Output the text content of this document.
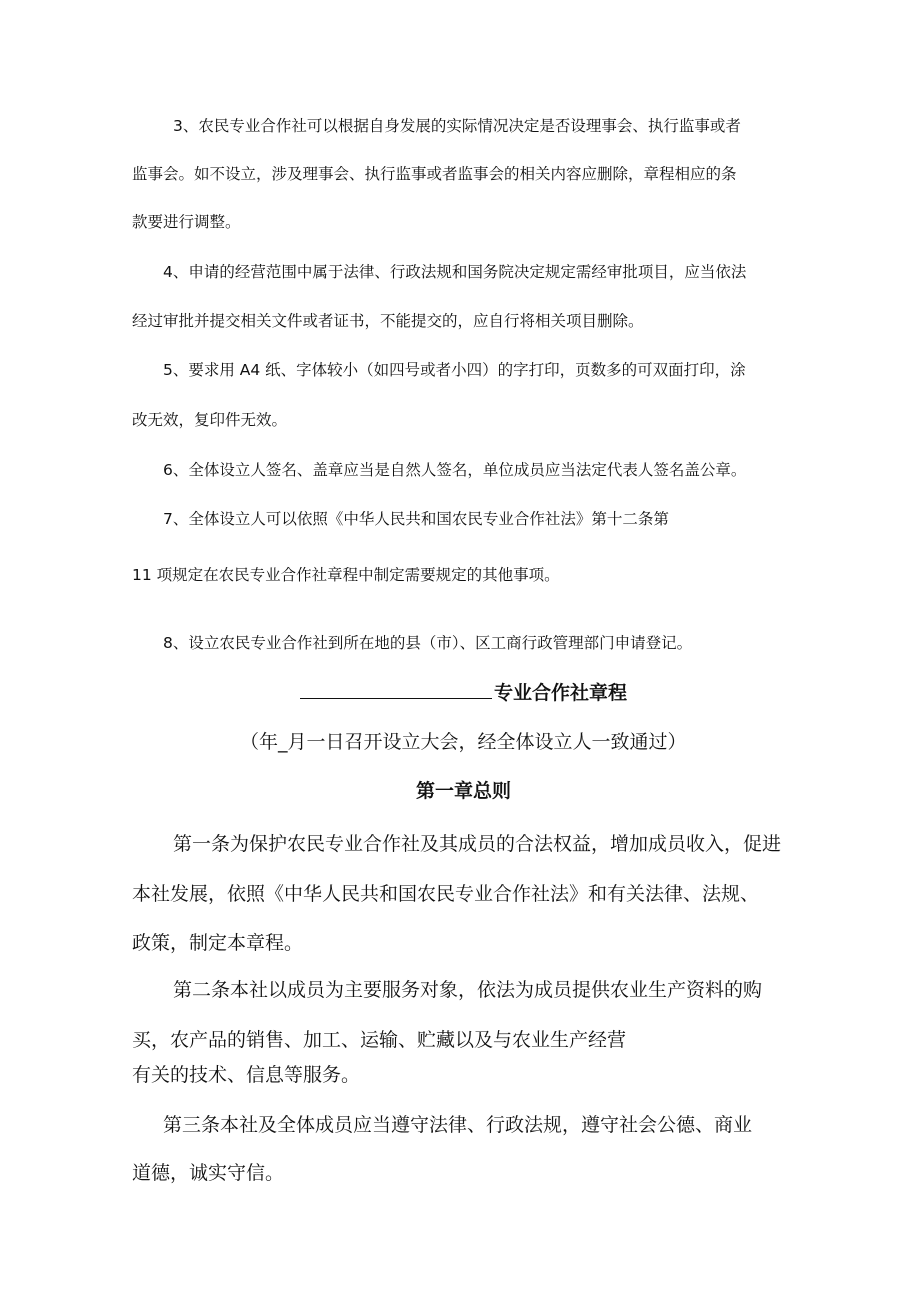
3、农民专业合作社可以根据自身发展的实际情况决定是否设理事会、执行监事或者

监事会。如不设立，涉及理事会、执行监事或者监事会的相关内容应删除，章程相应的条

款要进行调整。

4、申请的经营范围中属于法律、行政法规和国务院决定规定需经审批项目，应当依法

经过审批并提交相关文件或者证书，不能提交的，应自行将相关项目删除。

5、要求用 A4 纸、字体较小（如四号或者小四）的字打印，页数多的可双面打印，涂

改无效，复印件无效。

6、全体设立人签名、盖章应当是自然人签名，单位成员应当法定代表人签名盖公章。

7、全体设立人可以依照《中华人民共和国农民专业合作社法》第十二条第

11 项规定在农民专业合作社章程中制定需要规定的其他事项。

8、设立农民专业合作社到所在地的县（市）、区工商行政管理部门申请登记。

专业合作社章程

（年_月一日召开设立大会，经全体设立人一致通过）

第一章总则

第一条为保护农民专业合作社及其成员的合法权益，增加成员收入，促进

本社发展，依照《中华人民共和国农民专业合作社法》和有关法律、法规、

政策，制定本章程。

第二条本社以成员为主要服务对象，依法为成员提供农业生产资料的购

买，农产品的销售、加工、运输、贮藏以及与农业生产经营

有关的技术、信息等服务。

第三条本社及全体成员应当遵守法律、行政法规，遵守社会公德、商业

道德，诚实守信。
